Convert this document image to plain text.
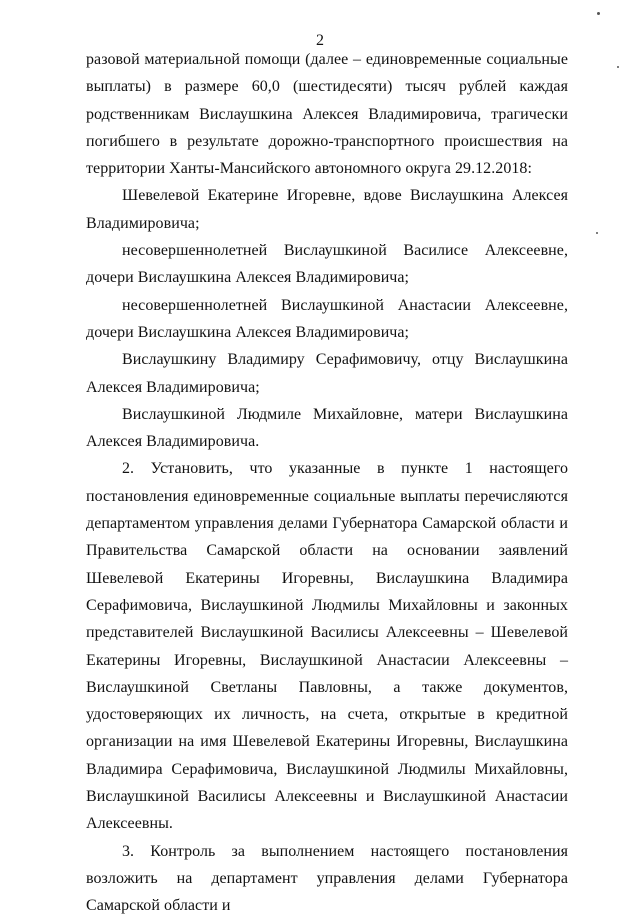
2

разовой материальной помощи (далее – единовременные социальные выплаты) в размере 60,0 (шестидесяти) тысяч рублей каждая родственникам Вислаушкина Алексея Владимировича, трагически погибшего в результате дорожно-транспортного происшествия на территории Ханты-Мансийского автономного округа 29.12.2018:

Шевелевой Екатерине Игоревне, вдове Вислаушкина Алексея Владимировича;

несовершеннолетней Вислаушкиной Василисе Алексеевне, дочери Вислаушкина Алексея Владимировича;

несовершеннолетней Вислаушкиной Анастасии Алексеевне, дочери Вислаушкина Алексея Владимировича;

Вислаушкину Владимиру Серафимовичу, отцу Вислаушкина Алексея Владимировича;

Вислаушкиной Людмиле Михайловне, матери Вислаушкина Алексея Владимировича.

2. Установить, что указанные в пункте 1 настоящего постановления единовременные социальные выплаты перечисляются департаментом управления делами Губернатора Самарской области и Правительства Самарской области на основании заявлений Шевелевой Екатерины Игоревны, Вислаушкина Владимира Серафимовича, Вислаушкиной Людмилы Михайловны и законных представителей Вислаушкиной Василисы Алексеевны – Шевелевой Екатерины Игоревны, Вислаушкиной Анастасии Алексеевны – Вислаушкиной Светланы Павловны, а также документов, удостоверяющих их личность, на счета, открытые в кредитной организации на имя Шевелевой Екатерины Игоревны, Вислаушкина Владимира Серафимовича, Вислаушкиной Людмилы Михайловны, Вислаушкиной Василисы Алексеевны и Вислаушкиной Анастасии Алексеевны.

3. Контроль за выполнением настоящего постановления возложить на департамент управления делами Губернатора Самарской области и
